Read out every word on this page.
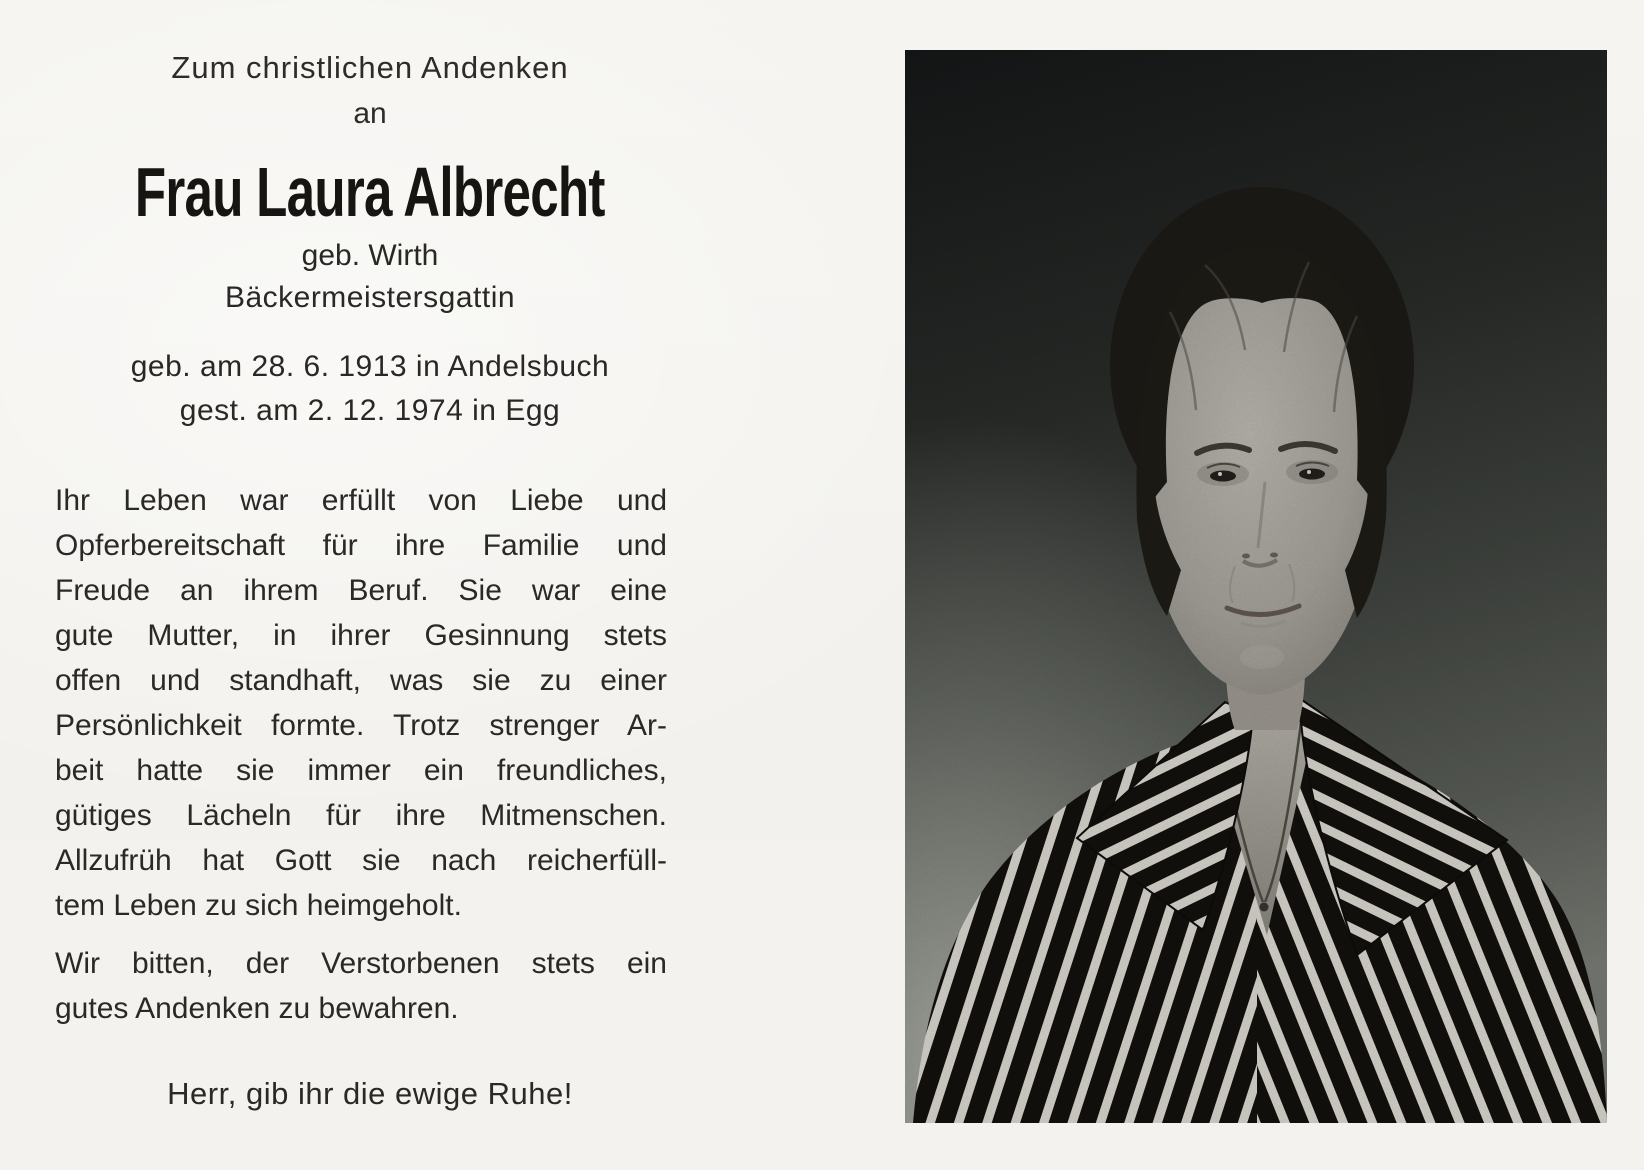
Zum christlichen Andenken
an
Frau Laura Albrecht
geb. Wirth
Bäckermeistersgattin
geb. am 28. 6. 1913 in Andelsbuch
gest. am 2. 12. 1974 in Egg
Ihr Leben war erfüllt von Liebe und
Opferbereitschaft für ihre Familie und
Freude an ihrem Beruf. Sie war eine
gute Mutter, in ihrer Gesinnung stets
offen und standhaft, was sie zu einer
Persönlichkeit formte. Trotz strenger Ar-
beit hatte sie immer ein freundliches,
gütiges Lächeln für ihre Mitmenschen.
Allzufrüh hat Gott sie nach reicherfüll-
tem Leben zu sich heimgeholt.
Wir bitten, der Verstorbenen stets ein
gutes Andenken zu bewahren.
Herr, gib ihr die ewige Ruhe!
